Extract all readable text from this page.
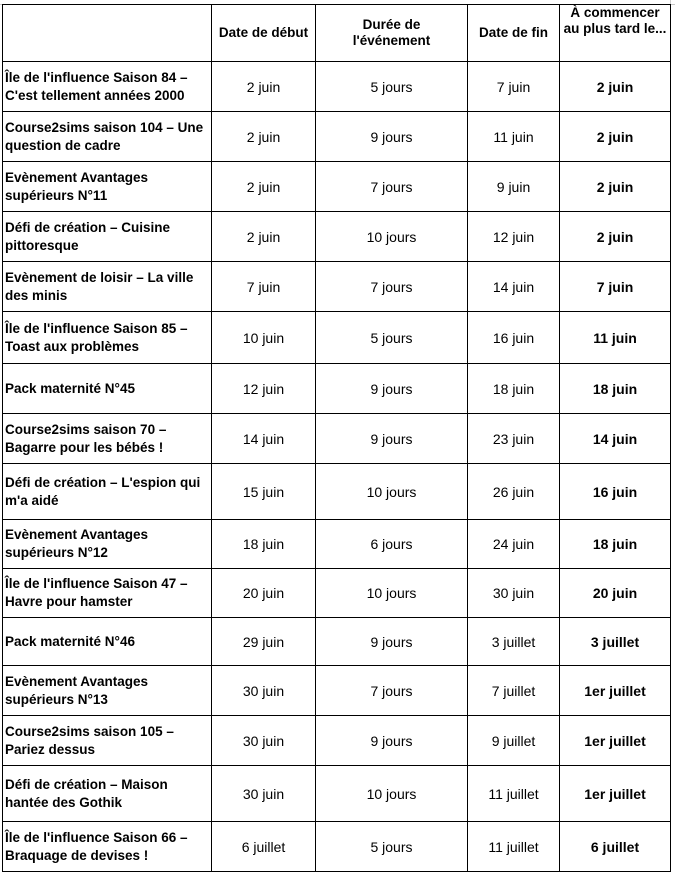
	Date de début	Durée de l'événement	Date de fin	À commencer au plus tard le...

Île de l'influence Saison 84 – C'est tellement années 2000	2 juin	5 jours	7 juin	2 juin
Course2sims saison 104 – Une question de cadre	2 juin	9 jours	11 juin	2 juin
Evènement Avantages supérieurs N°11	2 juin	7 jours	9 juin	2 juin
Défi de création – Cuisine pittoresque	2 juin	10 jours	12 juin	2 juin
Evènement de loisir – La ville des minis	7 juin	7 jours	14 juin	7 juin
Île de l'influence Saison 85 – Toast aux problèmes	10 juin	5 jours	16 juin	11 juin
Pack maternité N°45	12 juin	9 jours	18 juin	18 juin
Course2sims saison 70 – Bagarre pour les bébés !	14 juin	9 jours	23 juin	14 juin
Défi de création – L'espion qui m'a aidé	15 juin	10 jours	26 juin	16 juin
Evènement Avantages supérieurs N°12	18 juin	6 jours	24 juin	18 juin
Île de l'influence Saison 47 – Havre pour hamster	20 juin	10 jours	30 juin	20 juin
Pack maternité N°46	29 juin	9 jours	3 juillet	3 juillet
Evènement Avantages supérieurs N°13	30 juin	7 jours	7 juillet	1er juillet
Course2sims saison 105 – Pariez dessus	30 juin	9 jours	9 juillet	1er juillet
Défi de création – Maison hantée des Gothik	30 juin	10 jours	11 juillet	1er juillet
Île de l'influence Saison 66 – Braquage de devises !	6 juillet	5 jours	11 juillet	6 juillet
